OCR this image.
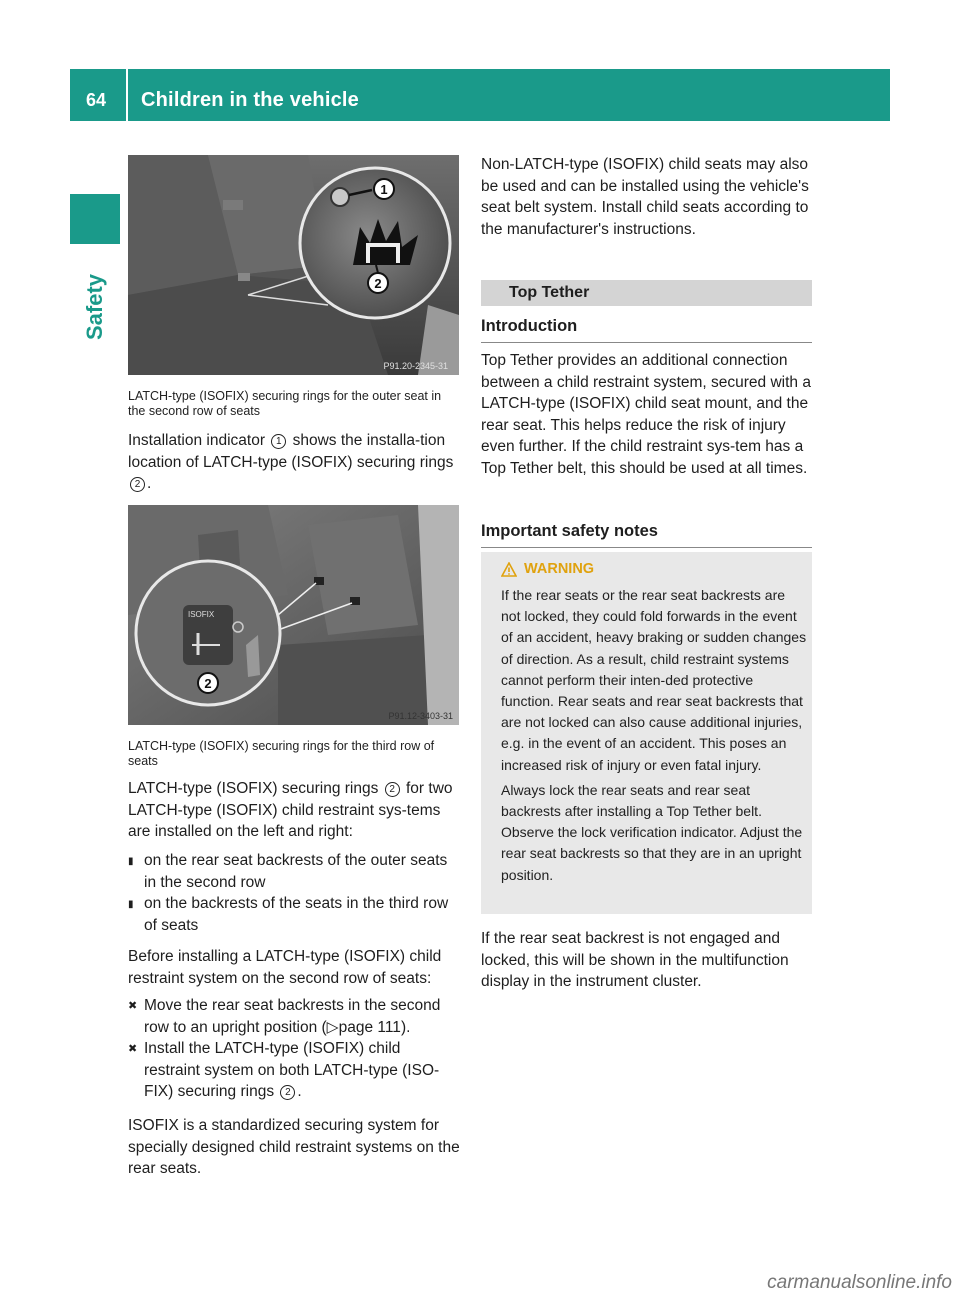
64 Children in the vehicle
Safety
1
2
P91.20-2345-31
LATCH-type (ISOFIX) securing rings for the outer seat in the second row of seats
Installation indicator 1 shows the installa-tion location of LATCH-type (ISOFIX) securing rings 2 .
ISOFIX
2
P91.12-3403-31
LATCH-type (ISOFIX) securing rings for the third row of seats
LATCH-type (ISOFIX) securing rings 2 for two LATCH-type (ISOFIX) child restraint sys-tems are installed on the left and right:
▮ on the rear seat backrests of the outer seats in the second row
▮ on the backrests of the seats in the third row of seats
Before installing a LATCH-type (ISOFIX) child restraint system on the second row of seats:
✖ Move the rear seat backrests in the second row to an upright position (▷page 111).
✖ Install the LATCH-type (ISOFIX) child restraint system on both LATCH-type (ISO-FIX) securing rings 2 .
ISOFIX is a standardized securing system for specially designed child restraint systems on the rear seats.
Non-LATCH-type (ISOFIX) child seats may also be used and can be installed using the vehicle's seat belt system. Install child seats according to the manufacturer's instructions.
Top Tether
Introduction
Top Tether provides an additional connection between a child restraint system, secured with a LATCH-type (ISOFIX) child seat mount, and the rear seat. This helps reduce the risk of injury even further. If the child restraint sys-tem has a Top Tether belt, this should be used at all times.
Important safety notes
WARNING
If the rear seats or the rear seat backrests are not locked, they could fold forwards in the event of an accident, heavy braking or sudden changes of direction. As a result, child restraint systems cannot perform their inten-ded protective function. Rear seats and rear seat backrests that are not locked can also cause additional injuries, e.g. in the event of an accident. This poses an increased risk of injury or even fatal injury.
Always lock the rear seats and rear seat backrests after installing a Top Tether belt. Observe the lock verification indicator. Adjust the rear seat backrests so that they are in an upright position.
If the rear seat backrest is not engaged and locked, this will be shown in the multifunction display in the instrument cluster.
carmanualsonline.info
